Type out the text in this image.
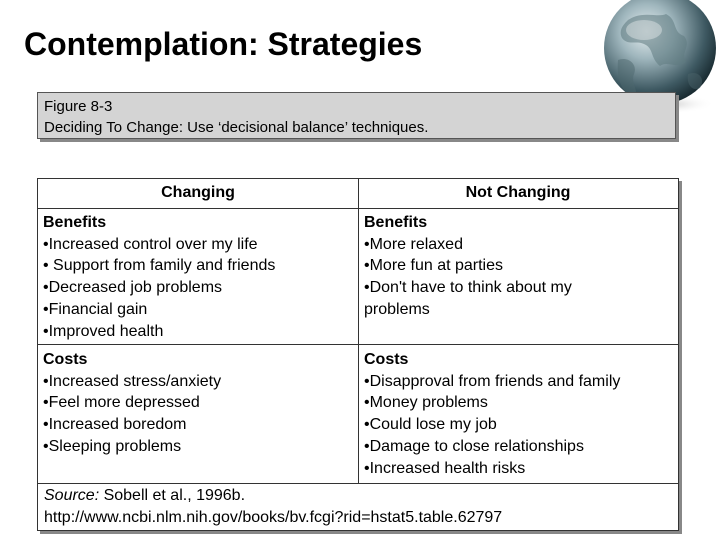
Contemplation: Strategies
Figure 8-3
Deciding To Change: Use ‘decisional balance’ techniques.
Changing	Not Changing
Benefits
•Increased control over my life
• Support from family and friends
•Decreased job problems
•Financial gain
•Improved health
Benefits
•More relaxed
•More fun at parties
•Don't have to think about my
problems
Costs
•Increased stress/anxiety
•Feel more depressed
•Increased boredom
•Sleeping problems
Costs
•Disapproval from friends and family
•Money problems
•Could lose my job
•Damage to close relationships
•Increased health risks
Source: Sobell et al., 1996b.
http://www.ncbi.nlm.nih.gov/books/bv.fcgi?rid=hstat5.table.62797
